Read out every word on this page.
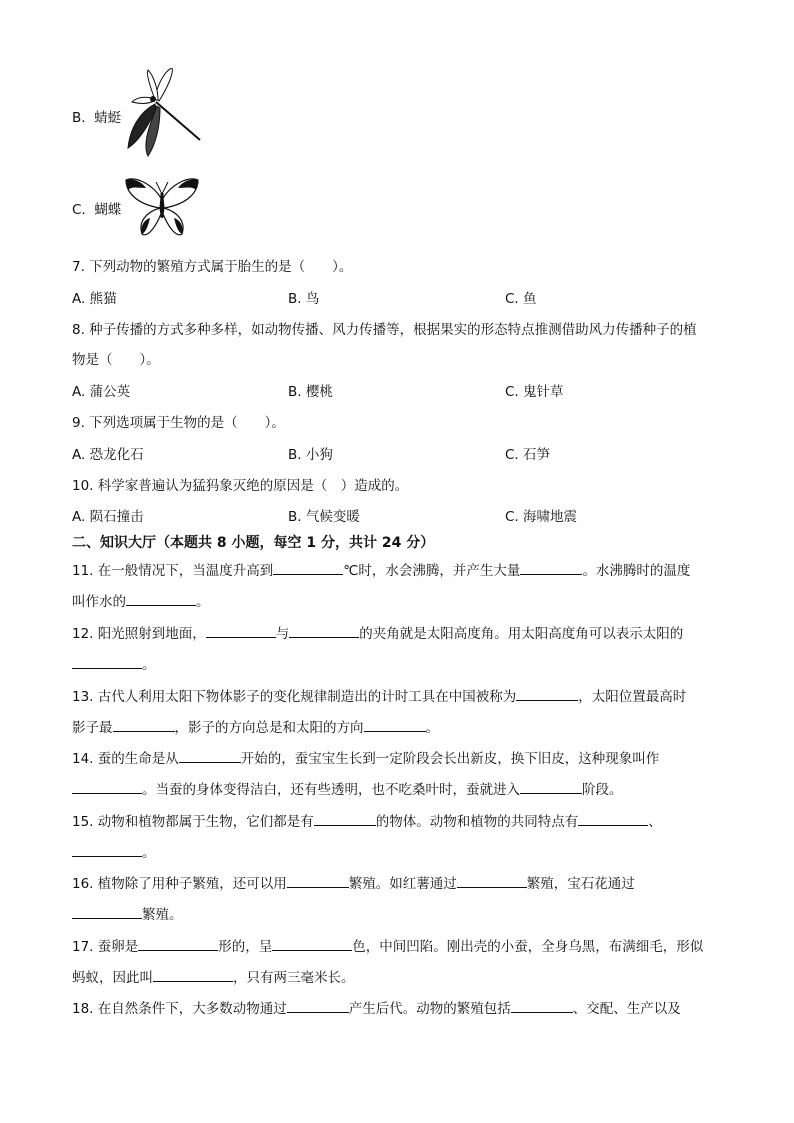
B. 蜻蜓
C. 蝴蝶
7. 下列动物的繁殖方式属于胎生的是（　　）。
A. 熊猫	B. 鸟	C. 鱼
8. 种子传播的方式多种多样，如动物传播、风力传播等，根据果实的形态特点推测借助风力传播种子的植
物是（　　）。
A. 蒲公英	B. 樱桃	C. 鬼针草
9. 下列选项属于生物的是（　　）。
A. 恐龙化石	B. 小狗	C. 石笋
10. 科学家普遍认为猛犸象灭绝的原因是（　）造成的。
A. 陨石撞击	B. 气候变暖	C. 海啸地震
二、知识大厅（本题共 8 小题，每空 1 分，共计 24 分）
11. 在一般情况下，当温度升高到	℃时，水会沸腾，并产生大量	。水沸腾时的温度
叫作水的	。
12. 阳光照射到地面，	与	的夹角就是太阳高度角。用太阳高度角可以表示太阳的
。
13. 古代人利用太阳下物体影子的变化规律制造出的计时工具在中国被称为	，太阳位置最高时
影子最	，影子的方向总是和太阳的方向	。
14. 蚕的生命是从	开始的，蚕宝宝生长到一定阶段会长出新皮，换下旧皮，这种现象叫作
。当蚕的身体变得洁白，还有些透明，也不吃桑叶时，蚕就进入	阶段。
15. 动物和植物都属于生物，它们都是有	的物体。动物和植物的共同特点有	、
。
16. 植物除了用种子繁殖，还可以用	繁殖。如红薯通过	繁殖，宝石花通过
繁殖。
17. 蚕卵是	形的，呈	色，中间凹陷。刚出壳的小蚕，全身乌黑，布满细毛，形似
蚂蚁，因此叫	，只有两三毫米长。
18. 在自然条件下，大多数动物通过	产生后代。动物的繁殖包括	、交配、生产以及
